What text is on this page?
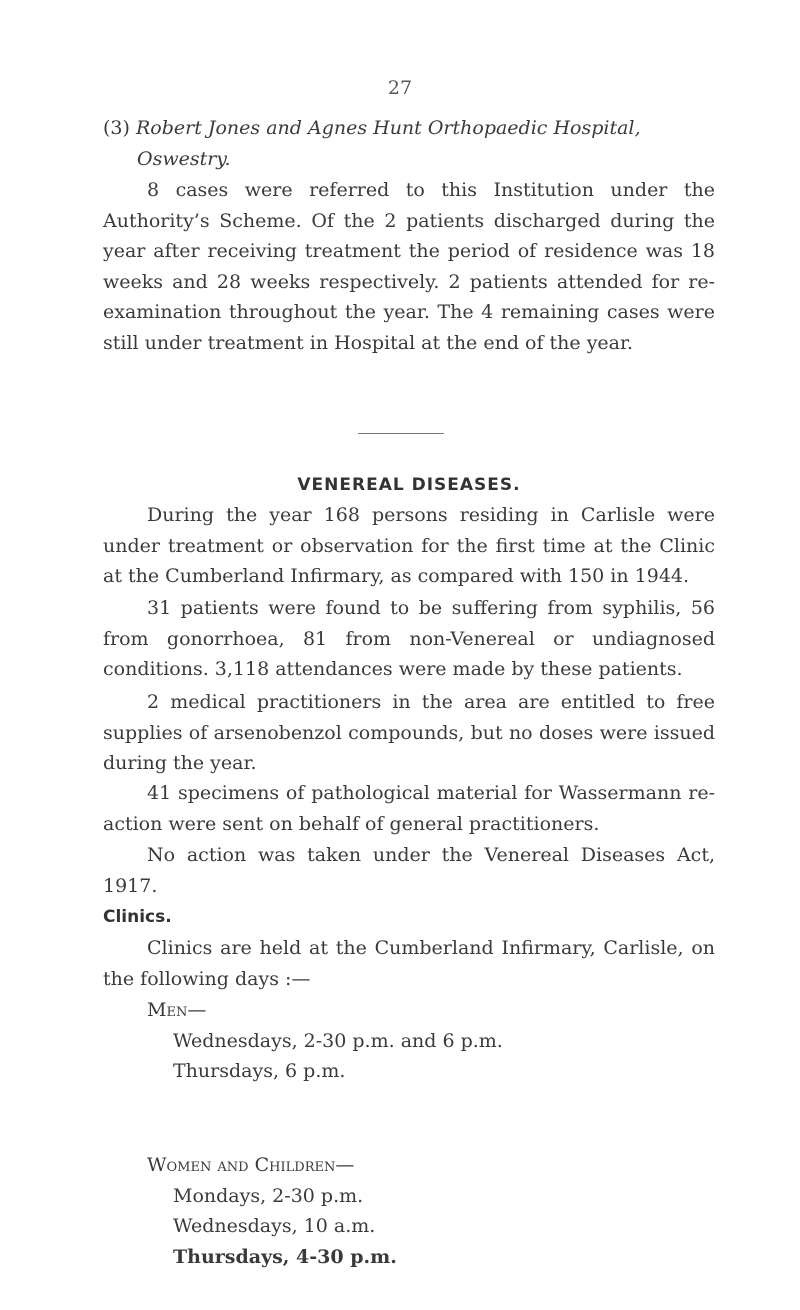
27
(3) Robert Jones and Agnes Hunt Orthopaedic Hospital,
Oswestry.

8 cases were referred to this Institution under the Authority’s Scheme. Of the 2 patients discharged during the year after receiving treatment the period of residence was 18 weeks and 28 weeks respectively. 2 patients attended for re-examination throughout the year. The 4 remaining cases were still under treatment in Hospital at the end of the year.

VENEREAL DISEASES.

During the year 168 persons residing in Carlisle were under treatment or observation for the first time at the Clinic at the Cumberland Infirmary, as compared with 150 in 1944.

31 patients were found to be suffering from syphilis, 56 from gonorrhoea, 81 from non-Venereal or undiagnosed conditions. 3,118 attendances were made by these patients.

2 medical practitioners in the area are entitled to free supplies of arsenobenzol compounds, but no doses were issued during the year.

41 specimens of pathological material for Wassermann re-action were sent on behalf of general practitioners.

No action was taken under the Venereal Diseases Act, 1917.

Clinics.

Clinics are held at the Cumberland Infirmary, Carlisle, on the following days :—

Men—
Wednesdays, 2-30 p.m. and 6 p.m.
Thursdays, 6 p.m.
Women and Children—
Mondays, 2-30 p.m.
Wednesdays, 10 a.m.
Thursdays, 4-30 p.m.
